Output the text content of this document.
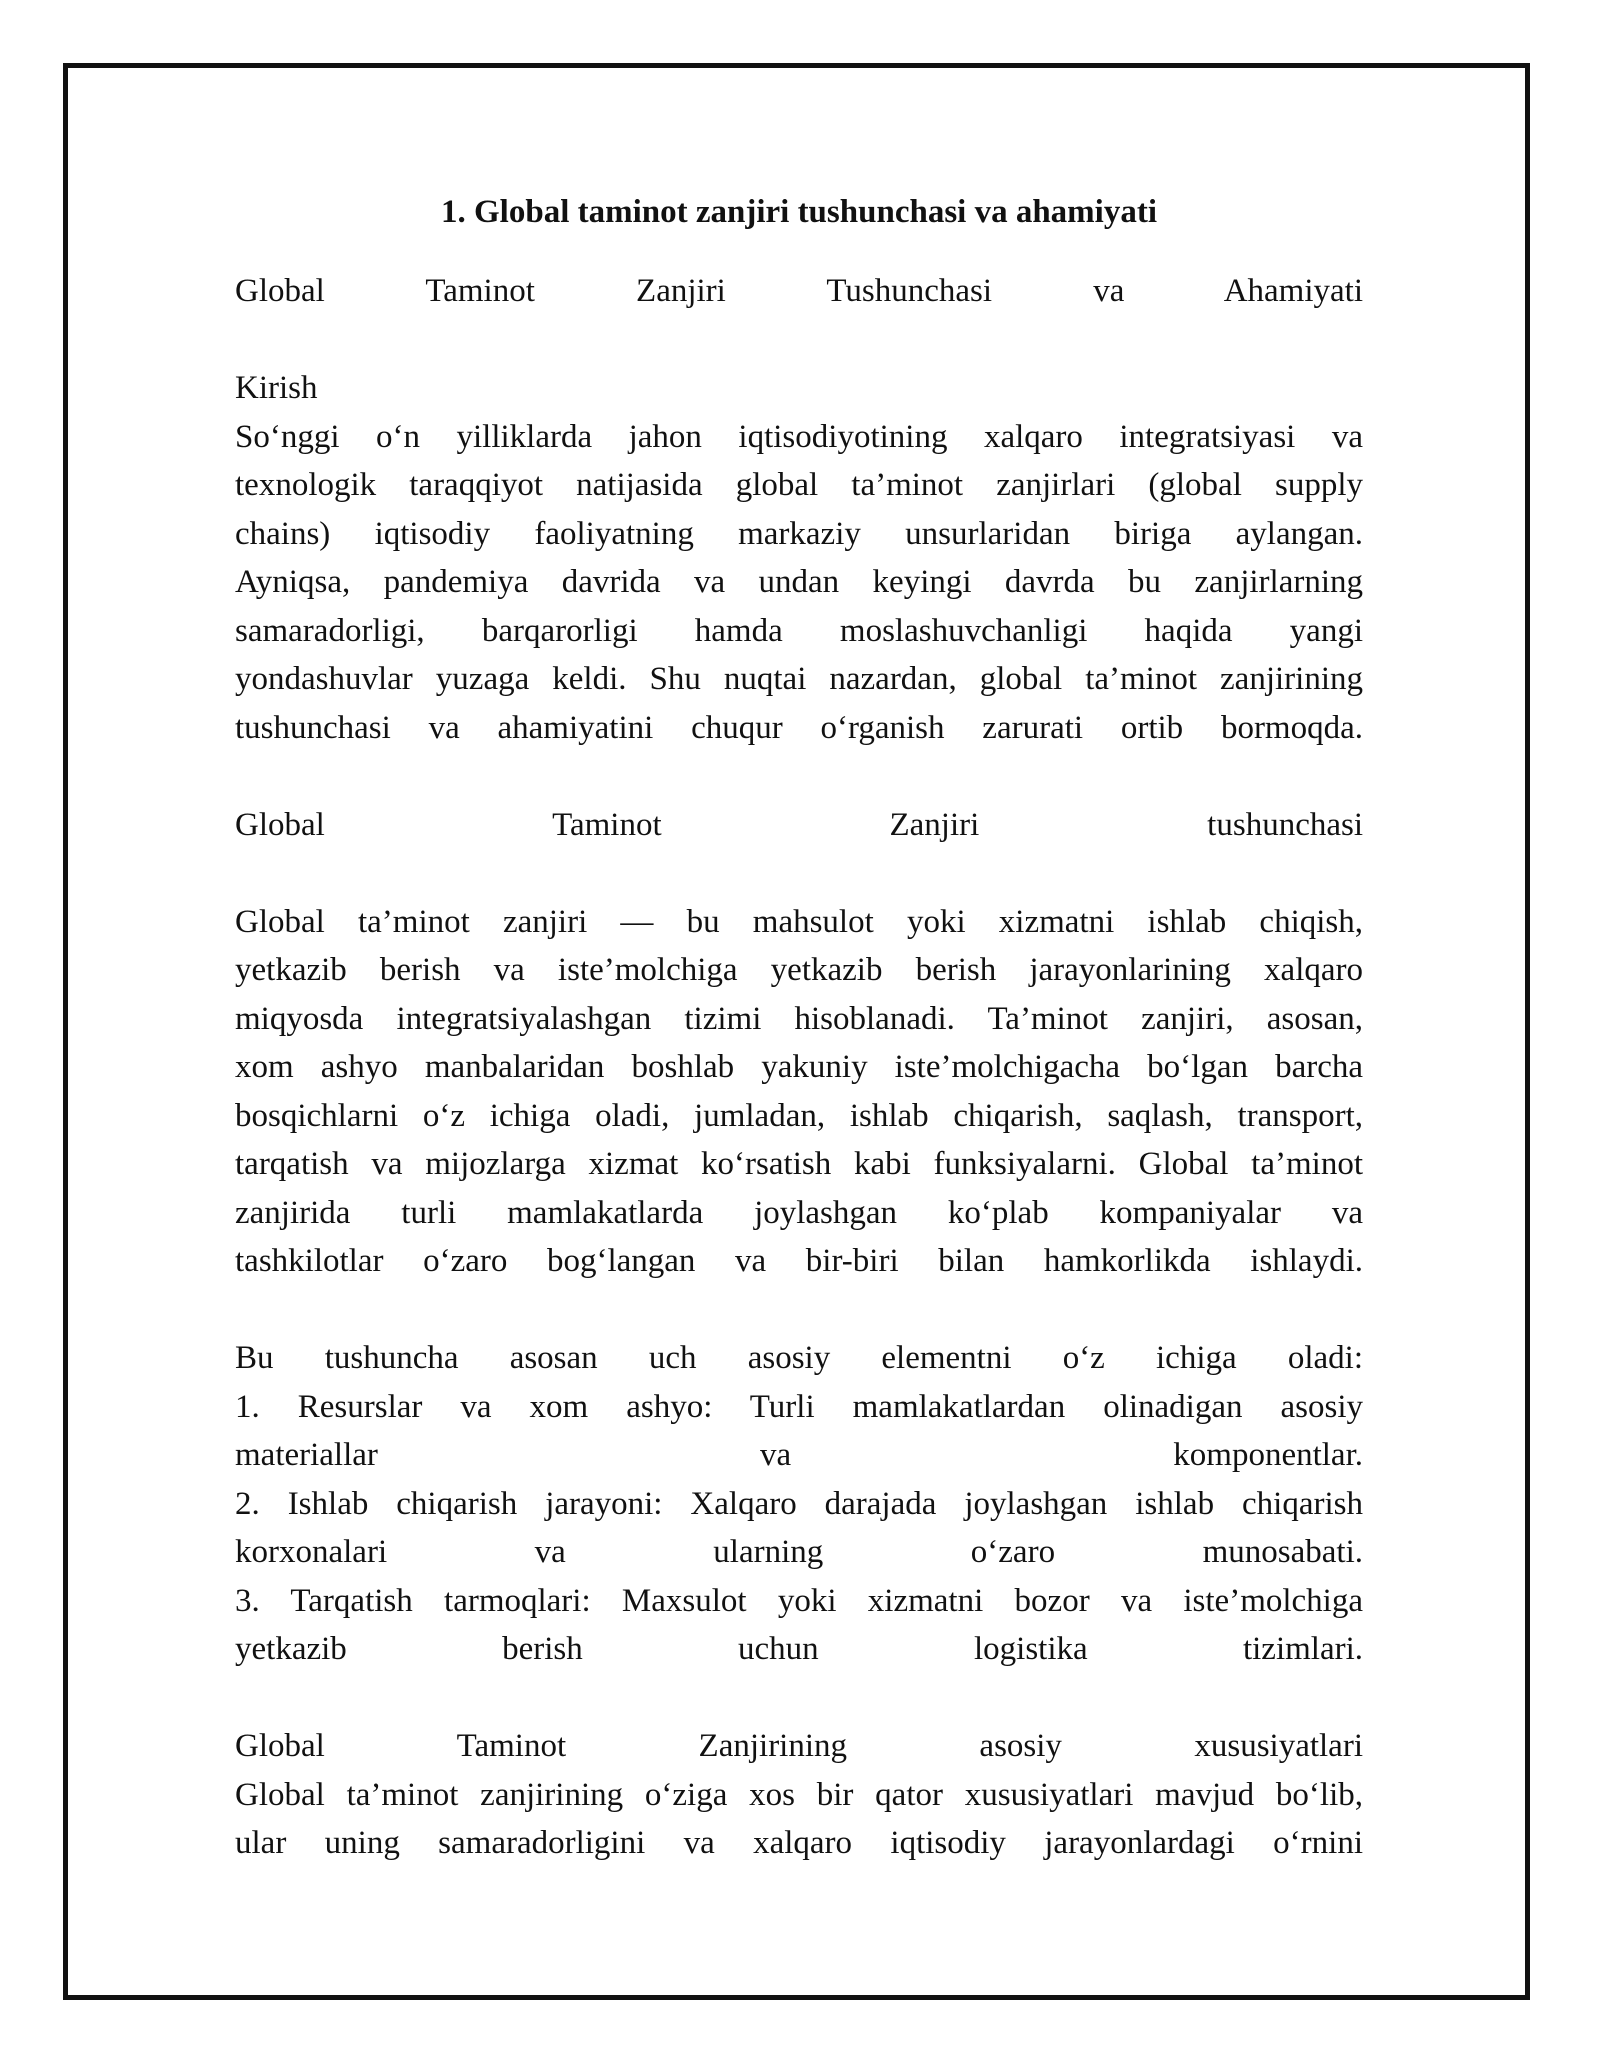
1. Global taminot zanjiri tushunchasi va ahamiyati
Global Taminot Zanjiri Tushunchasi va Ahamiyati
Kirish
So‘nggi o‘n yilliklarda jahon iqtisodiyotining xalqaro integratsiyasi va
texnologik taraqqiyot natijasida global ta’minot zanjirlari (global supply
chains) iqtisodiy faoliyatning markaziy unsurlaridan biriga aylangan.
Ayniqsa, pandemiya davrida va undan keyingi davrda bu zanjirlarning
samaradorligi, barqarorligi hamda moslashuvchanligi haqida yangi
yondashuvlar yuzaga keldi. Shu nuqtai nazardan, global ta’minot zanjirining
tushunchasi va ahamiyatini chuqur o‘rganish zarurati ortib bormoqda.
Global Taminot Zanjiri tushunchasi
Global ta’minot zanjiri — bu mahsulot yoki xizmatni ishlab chiqish,
yetkazib berish va iste’molchiga yetkazib berish jarayonlarining xalqaro
miqyosda integratsiyalashgan tizimi hisoblanadi. Ta’minot zanjiri, asosan,
xom ashyo manbalaridan boshlab yakuniy iste’molchigacha bo‘lgan barcha
bosqichlarni o‘z ichiga oladi, jumladan, ishlab chiqarish, saqlash, transport,
tarqatish va mijozlarga xizmat ko‘rsatish kabi funksiyalarni. Global ta’minot
zanjirida turli mamlakatlarda joylashgan ko‘plab kompaniyalar va
tashkilotlar o‘zaro bog‘langan va bir-biri bilan hamkorlikda ishlaydi.
Bu tushuncha asosan uch asosiy elementni o‘z ichiga oladi:
1. Resurslar va xom ashyo: Turli mamlakatlardan olinadigan asosiy
materiallar va komponentlar.
2. Ishlab chiqarish jarayoni: Xalqaro darajada joylashgan ishlab chiqarish
korxonalari va ularning o‘zaro munosabati.
3. Tarqatish tarmoqlari: Maxsulot yoki xizmatni bozor va iste’molchiga
yetkazib berish uchun logistika tizimlari.
Global Taminot Zanjirining asosiy xususiyatlari
Global ta’minot zanjirining o‘ziga xos bir qator xususiyatlari mavjud bo‘lib,
ular uning samaradorligini va xalqaro iqtisodiy jarayonlardagi o‘rnini
